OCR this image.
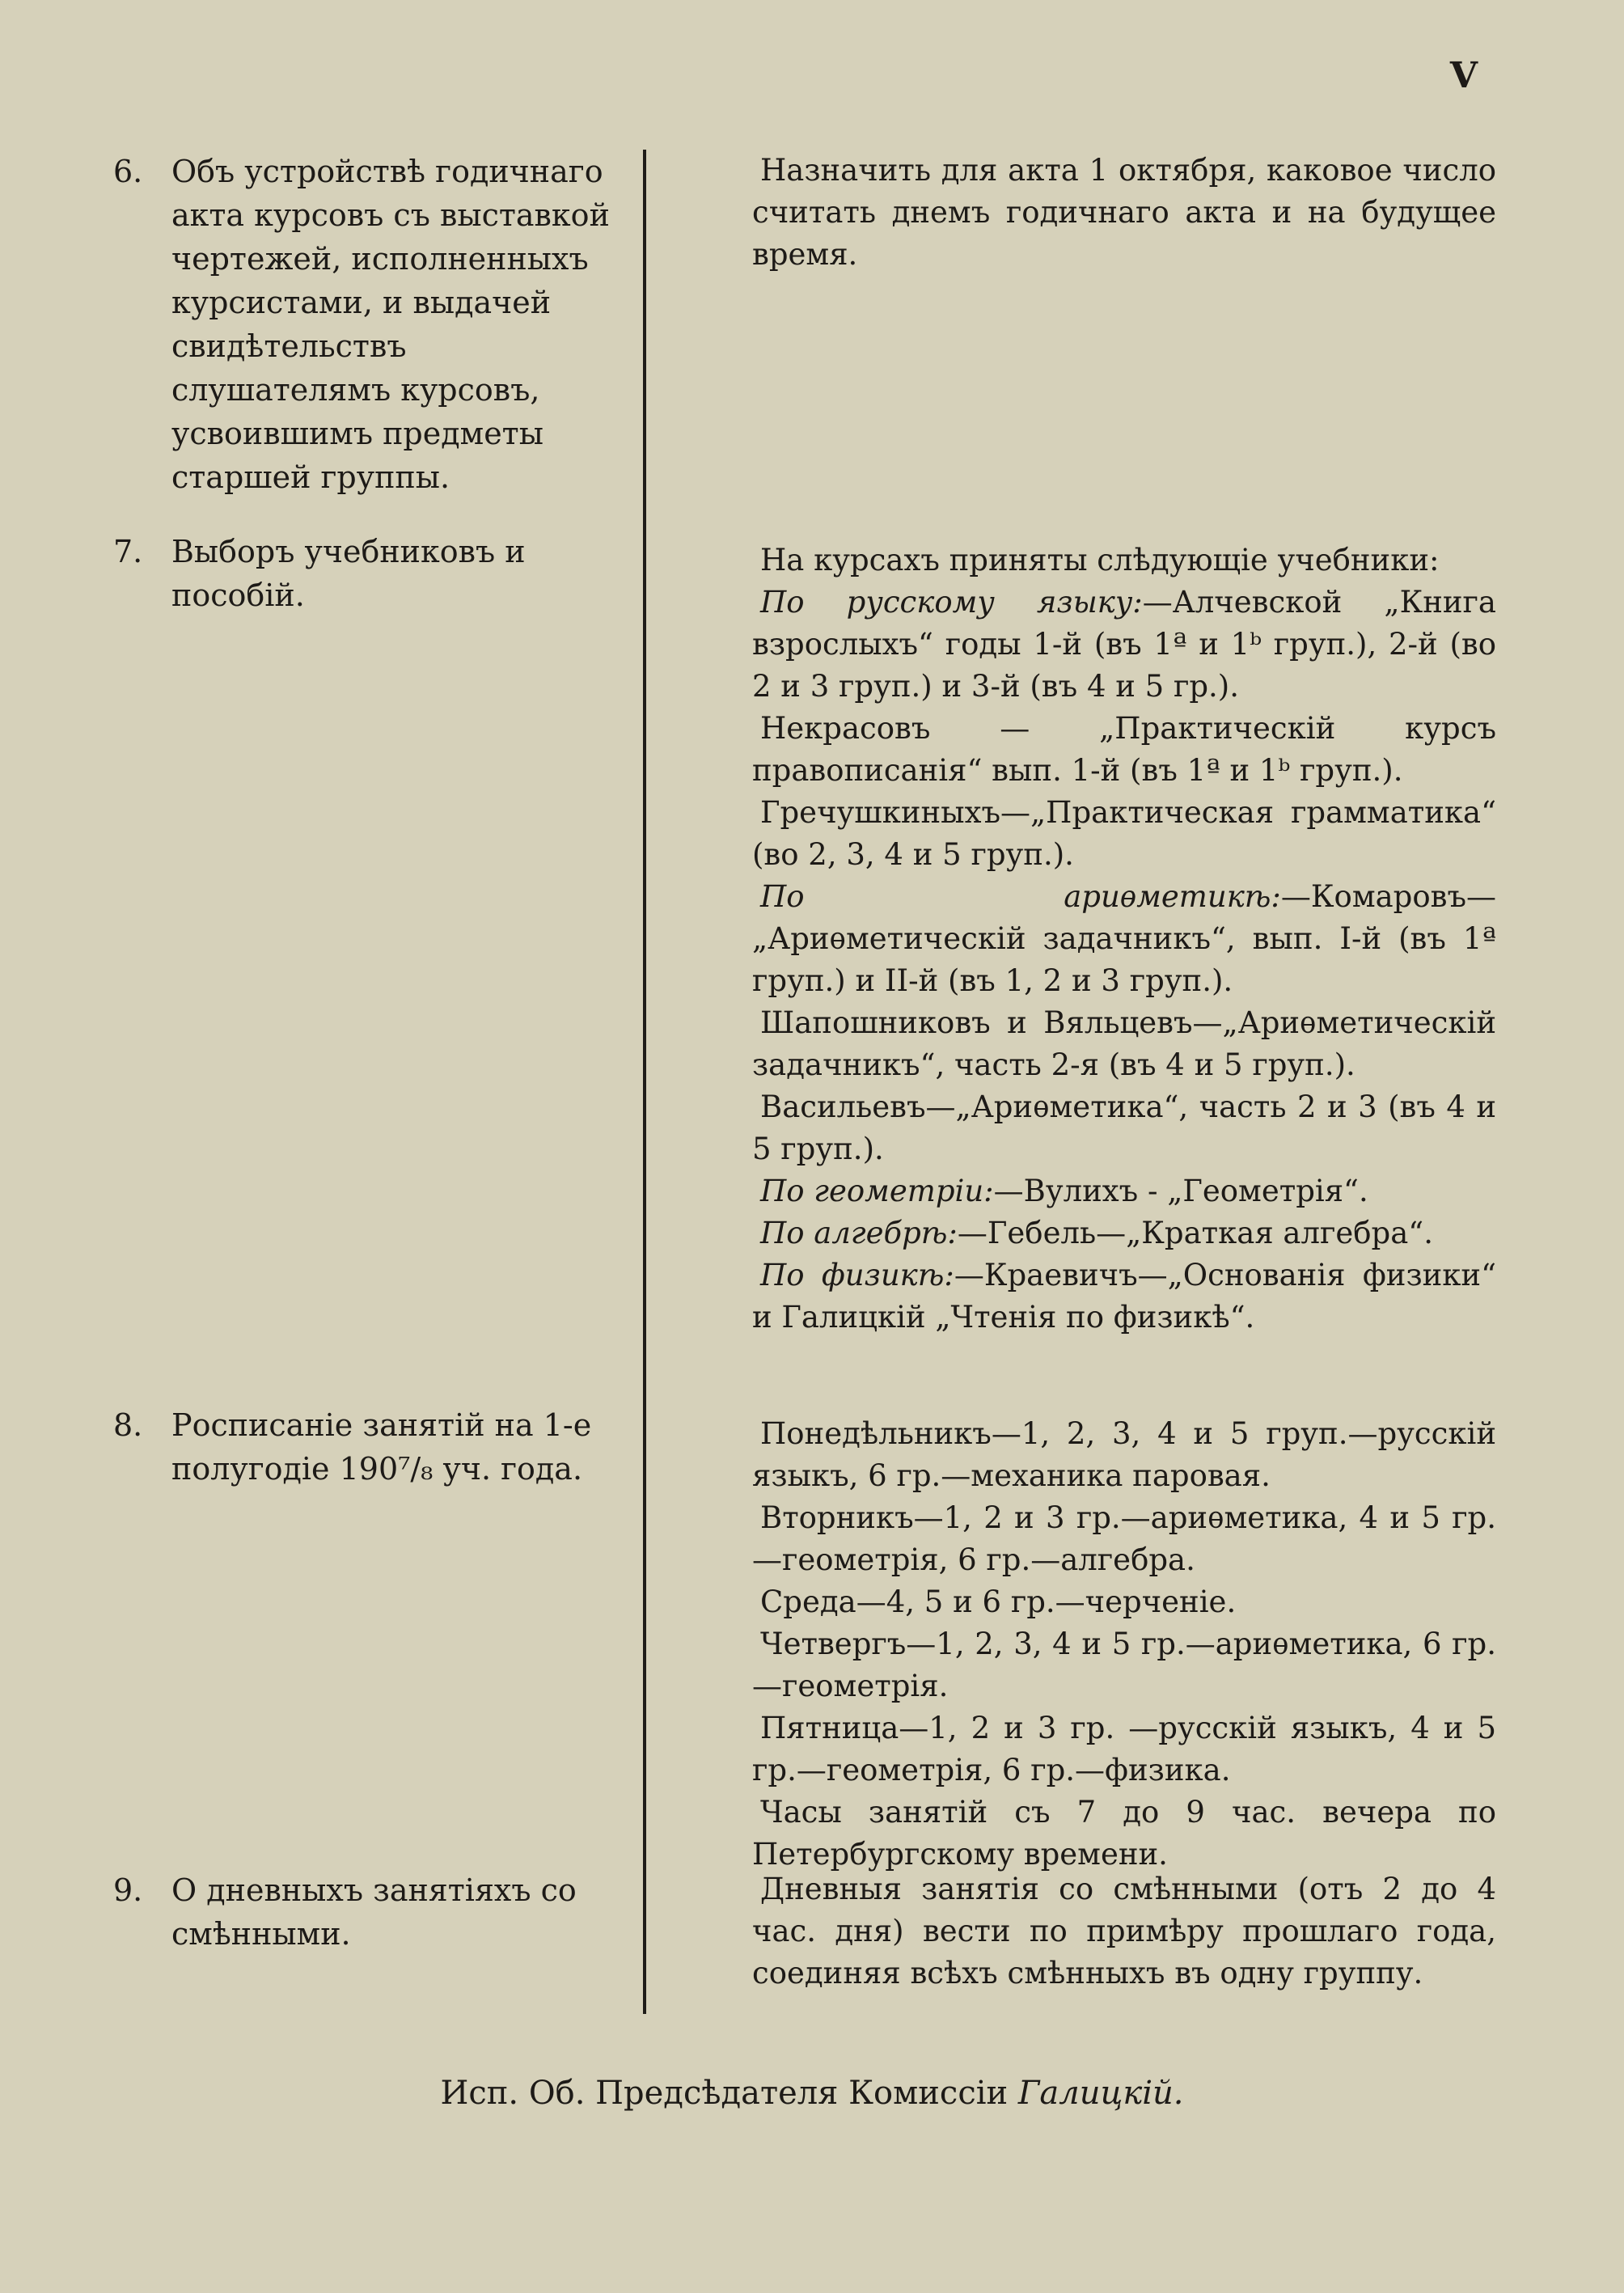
V
6. Объ устройствѣ годичнаго акта курсовъ съ выставкой чертежей, исполненныхъ курсистами, и выдачей свидѣтельствъ слушателямъ курсовъ, усвоившимъ предметы старшей группы.

Назначить для акта 1 октября, каковое число считать днемъ годичнаго акта и на будущее время.

7. Выборъ учебниковъ и пособій.

На курсахъ приняты слѣдующіе учебники:

По русскому языку:—Алчевской „Книга взрослыхъ“ годы 1-й (въ 1ª и 1ᵇ груп.), 2-й (во 2 и 3 груп.) и 3-й (въ 4 и 5 гр.).

Некрасовъ — „Практическій курсъ правописанія“ вып. 1-й (въ 1ª и 1ᵇ груп.).

Гречушкиныхъ—„Практическая грамматика“ (во 2, 3, 4 и 5 груп.).

По ариѳметикѣ:—Комаровъ—„Ариѳметическій задачникъ“, вып. I-й (въ 1ª груп.) и II-й (въ 1, 2 и 3 груп.).

Шапошниковъ и Вяльцевъ—„Ариѳметическій задачникъ“, часть 2-я (въ 4 и 5 груп.).

Васильевъ—„Ариѳметика“, часть 2 и 3 (въ 4 и 5 груп.).

По геометріи:—Вулихъ - „Геометрія“.

По алгебрѣ:—Гебель—„Краткая алгебра“.

По физикѣ:—Краевичъ—„Основанія физики“ и Галицкій „Чтенія по физикѣ“.

8. Росписаніе занятій на 1-е полугодіе 190⁷/₈ уч. года.

Понедѣльникъ—1, 2, 3, 4 и 5 груп.—русскій языкъ, 6 гр.—механика паровая.

Вторникъ—1, 2 и 3 гр.—ариѳметика, 4 и 5 гр.—геометрія, 6 гр.—алгебра.

Среда—4, 5 и 6 гр.—черченіе.

Четвергъ—1, 2, 3, 4 и 5 гр.—ариѳметика, 6 гр.—геометрія.

Пятница—1, 2 и 3 гр. —русскій языкъ, 4 и 5 гр.—геометрія, 6 гр.—физика.

Часы занятій съ 7 до 9 час. вечера по Петербургскому времени.

9. О дневныхъ занятіяхъ со смѣнными.

Дневныя занятія со смѣнными (отъ 2 до 4 час. дня) вести по примѣру прошлаго года, соединяя всѣхъ смѣнныхъ въ одну группу.

Исп. Об. Предсѣдателя Комиссіи Галицкій.
